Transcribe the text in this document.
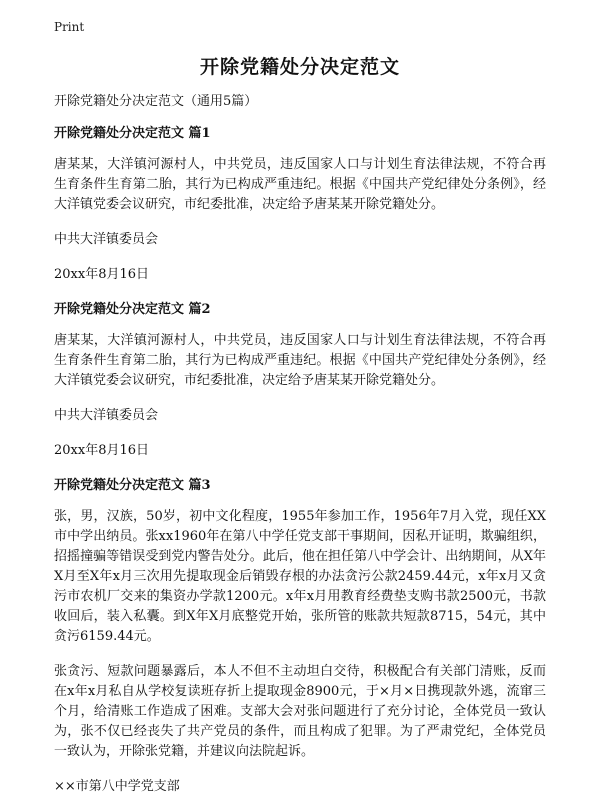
Print
开除党籍处分决定范文

开除党籍处分决定范文（通用5篇）

开除党籍处分决定范文 篇1

唐某某，大洋镇河源村人，中共党员，违反国家人口与计划生育法律法规，不符合再生育条件生育第二胎，其行为已构成严重违纪。根据《中国共产党纪律处分条例》，经大洋镇党委会议研究，市纪委批准，决定给予唐某某开除党籍处分。

中共大洋镇委员会

20xx年8月16日

开除党籍处分决定范文 篇2

唐某某，大洋镇河源村人，中共党员，违反国家人口与计划生育法律法规，不符合再生育条件生育第二胎，其行为已构成严重违纪。根据《中国共产党纪律处分条例》，经大洋镇党委会议研究，市纪委批准，决定给予唐某某开除党籍处分。

中共大洋镇委员会

20xx年8月16日

开除党籍处分决定范文 篇3

张，男，汉族，50岁，初中文化程度，1955年参加工作，1956年7月入党，现任XX市中学出纳员。张xx1960年在第八中学任党支部干事期间，因私开证明，欺骗组织，招摇撞骗等错误受到党内警告处分。此后，他在担任第八中学会计、出纳期间，从X年X月至X年x月三次用先提取现金后销毁存根的办法贪污公款2459.44元，x年x月又贪污市农机厂交来的集资办学款1200元。x年x月用教育经费垫支购书款2500元，书款收回后，装入私囊。到X年X月底整党开始，张所管的账款共短款8715，54元，其中贪污6159.44元。

张贪污、短款问题暴露后，本人不但不主动坦白交待，积极配合有关部门清账，反而在x年x月私自从学校复读班存折上提取现金8900元，于×月×日携现款外逃，流窜三个月，给清账工作造成了困难。支部大会对张问题进行了充分讨论，全体党员一致认为，张不仅已经丧失了共产党员的条件，而且构成了犯罪。为了严肃党纪，全体党员一致认为，开除张党籍，并建议向法院起诉。

××市第八中学党支部
